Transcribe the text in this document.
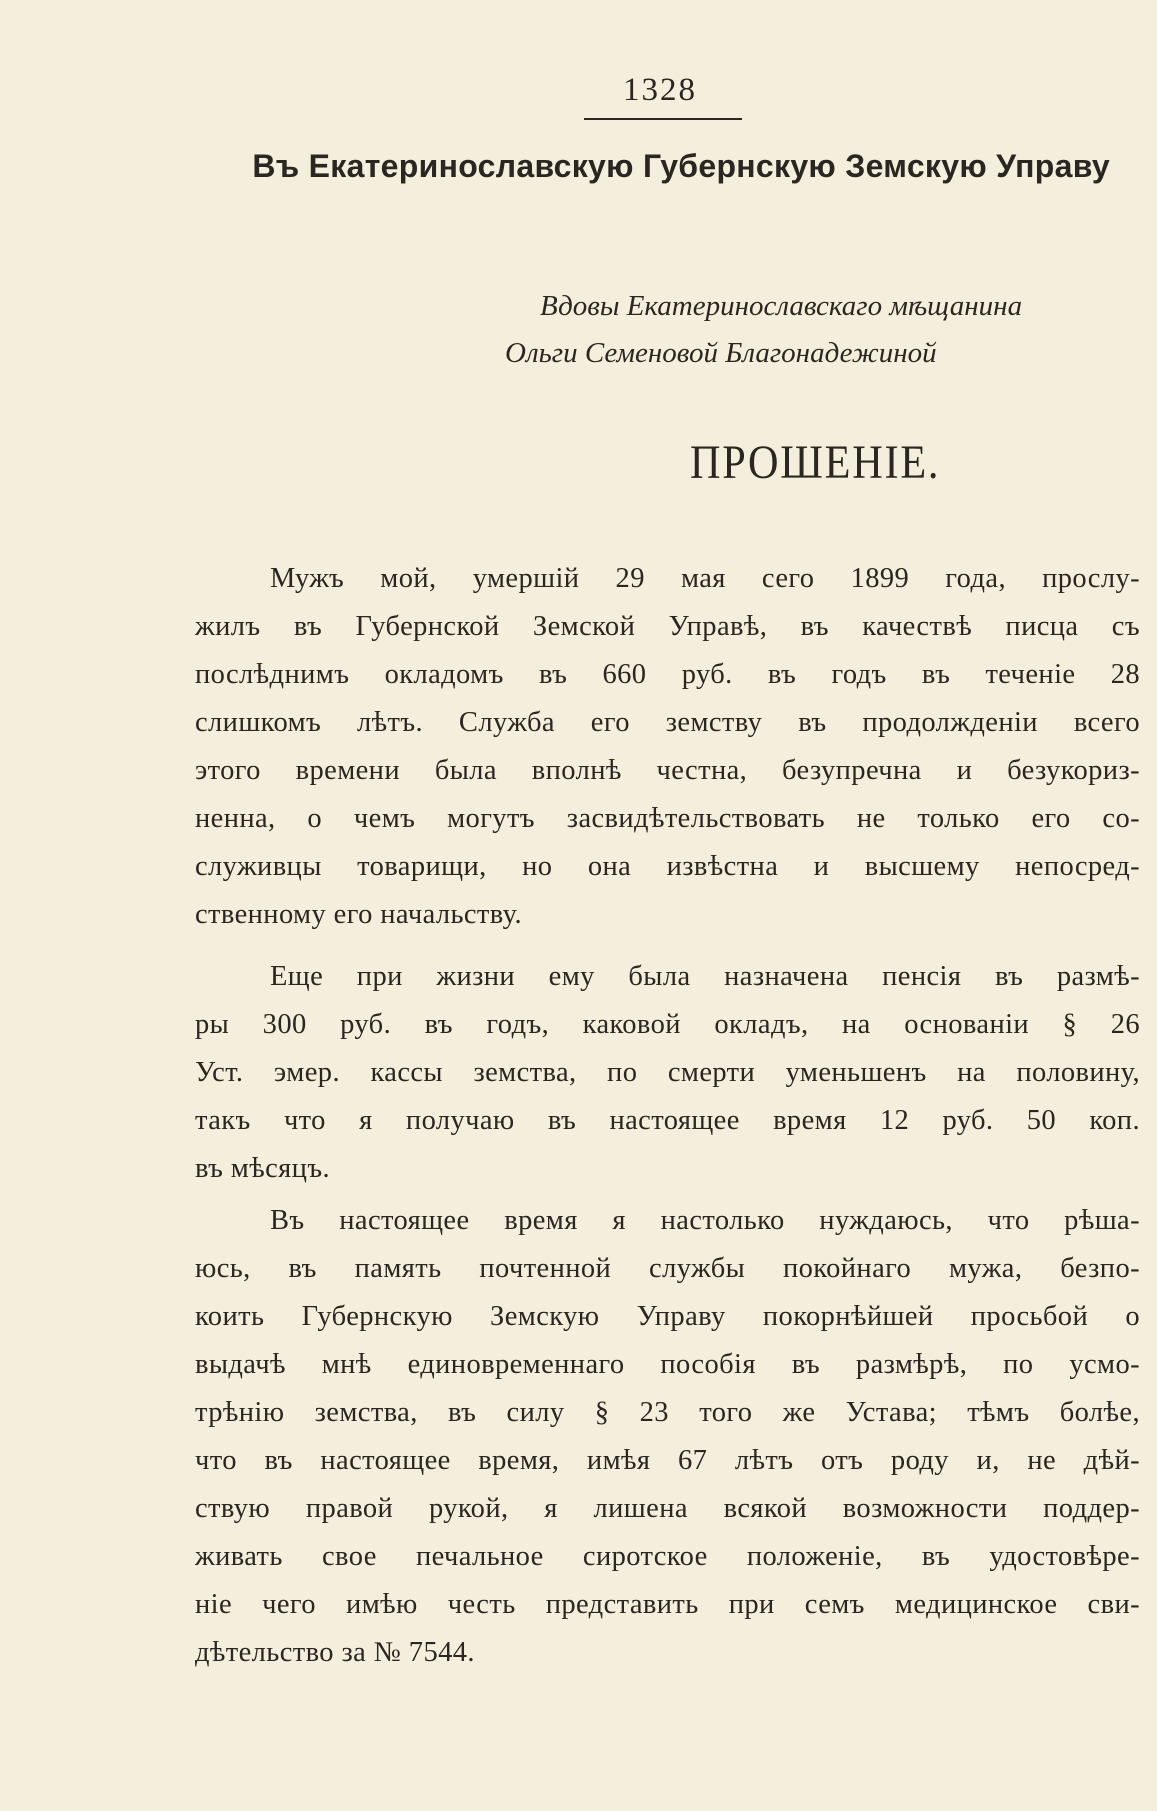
1328
Въ Екатеринославскую Губернскую Земскую Управу
Вдовы Екатеринославскаго мѣщанина
Ольги Семеновой Благонадежиной
ПРОШЕНІЕ.
Мужъ мой, умершій 29 мая сего 1899 года, прослу-
жилъ въ Губернской Земской Управѣ, въ качествѣ писца съ
послѣднимъ окладомъ въ 660 руб. въ годъ въ теченіе 28
слишкомъ лѣтъ. Служба его земству въ продолжденіи всего
этого времени была вполнѣ честна, безупречна и безукориз-
ненна, о чемъ могутъ засвидѣтельствовать не только его со-
служивцы товарищи, но она извѣстна и высшему непосред-
ственному его начальству.
Еще при жизни ему была назначена пенсія въ размѣ-
ры 300 руб. въ годъ, каковой окладъ, на основаніи § 26
Уст. эмер. кассы земства, по смерти уменьшенъ на половину,
такъ что я получаю въ настоящее время 12 руб. 50 коп.
въ мѣсяцъ.
Въ настоящее время я настолько нуждаюсь, что рѣша-
юсь, въ память почтенной службы покойнаго мужа, безпо-
коить Губернскую Земскую Управу покорнѣйшей просьбой о
выдачѣ мнѣ единовременнаго пособія въ размѣрѣ, по усмо-
трѣнію земства, въ силу § 23 того же Устава; тѣмъ болѣе,
что въ настоящее время, имѣя 67 лѣтъ отъ роду и, не дѣй-
ствую правой рукой, я лишена всякой возможности поддер-
живать свое печальное сиротское положеніе, въ удостовѣре-
ніе чего имѣю честь представить при семъ медицинское сви-
дѣтельство за № 7544.
